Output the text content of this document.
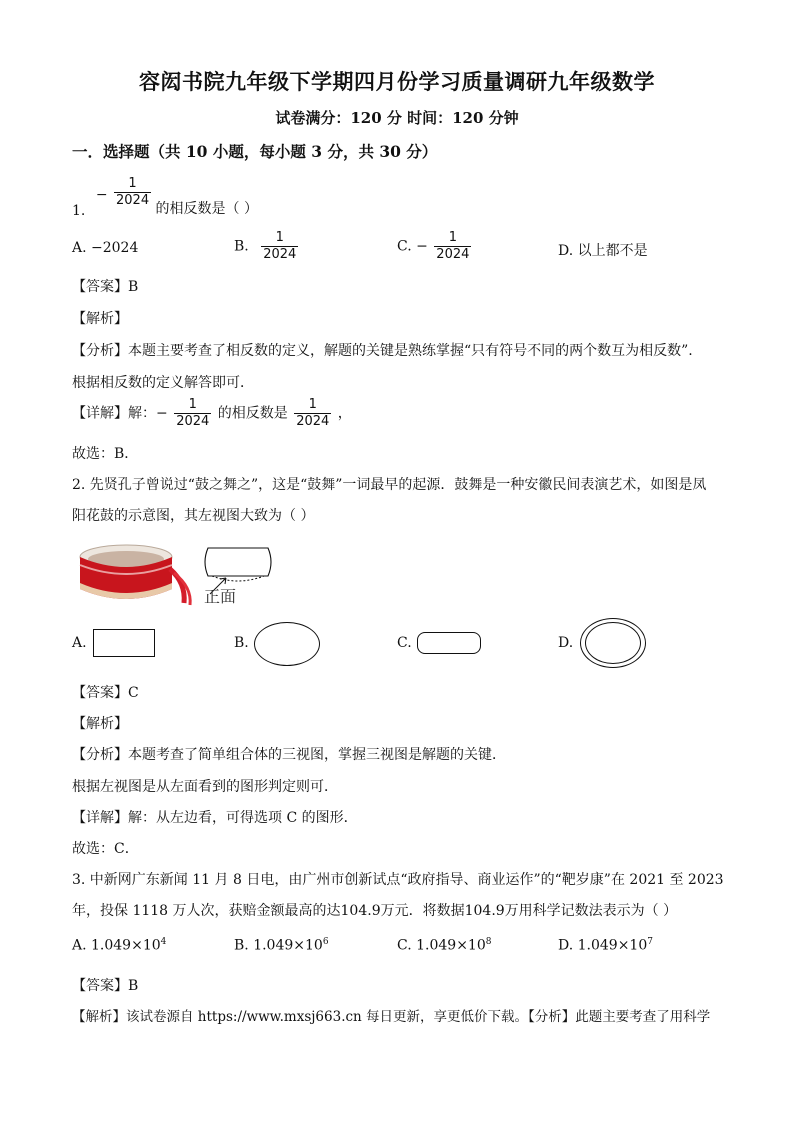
容闳书院九年级下学期四月份学习质量调研九年级数学
试卷满分：120 分 时间：120 分钟
一．选择题（共 10 小题，每小题 3 分，共 30 分）
1. − $\frac{1}{2024}$ 的相反数是（ ）
A. −2024	B. $\frac{1}{2024}$	C. − $\frac{1}{2024}$	D. 以上都不是
【答案】B
【解析】
【分析】本题主要考查了相反数的定义，解题的关键是熟练掌握“只有符号不同的两个数互为相反数”.
根据相反数的定义解答即可．
【详解】解：− $\frac{1}{2024}$ 的相反数是 $\frac{1}{2024}$ ，
故选：B．
2. 先贤孔子曾说过“鼓之舞之”，这是“鼓舞”一词最早的起源．鼓舞是一种安徽民间表演艺术，如图是凤
阳花鼓的示意图，其左视图大致为（ ）
正面
A.	B.	C.	D.
【答案】C
【解析】
【分析】本题考查了简单组合体的三视图，掌握三视图是解题的关键．
根据左视图是从左面看到的图形判定则可．
【详解】解：从左边看，可得选项 C 的图形．
故选：C．
3. 中新网广东新闻 11 月 8 日电，由广州市创新试点“政府指导、商业运作”的“靶岁康”在 2021 至 2023
年，投保 1118 万人次，获赔金额最高的达104.9万元．将数据104.9万用科学记数法表示为（ ）
A. $1.049\times 10^4$	B. $1.049\times 10^6$	C. $1.049\times 10^8$	D. $1.049\times 10^7$
【答案】B
【解析】该试卷源自 https://www.mxsj663.cn 每日更新，享更低价下载。【分析】此题主要考查了用科学
